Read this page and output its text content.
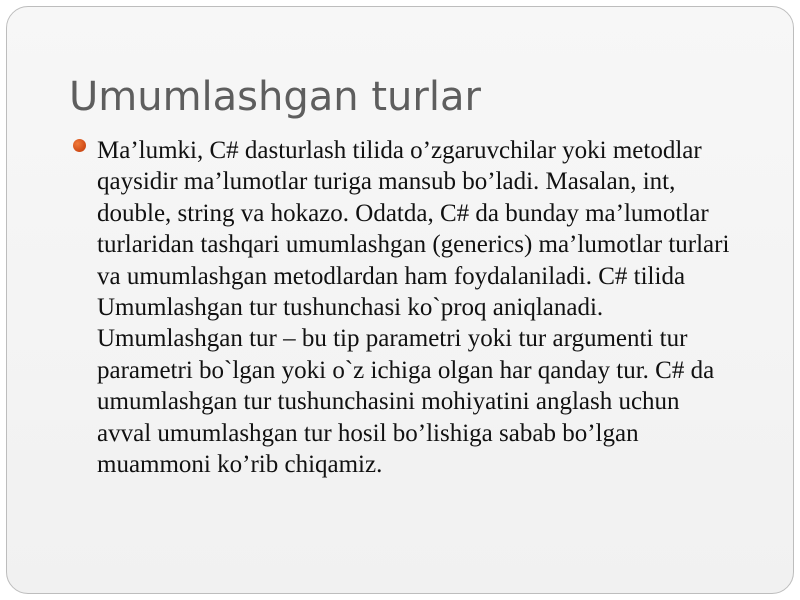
Umumlashgan turlar

Ma’lumki, C# dasturlash tilida o’zgaruvchilar yoki metodlar qaysidir ma’lumotlar turiga mansub bo’ladi. Masalan, int, double, string va hokazo. Odatda, C# da bunday ma’lumotlar turlaridan tashqari umumlashgan (generics) ma’lumotlar turlari va umumlashgan metodlardan ham foydalaniladi. C# tilida Umumlashgan tur tushunchasi ko`proq aniqlanadi. Umumlashgan tur – bu tip parametri yoki tur argumenti tur parametri bo`lgan yoki o`z ichiga olgan har qanday tur. C# da umumlashgan tur tushunchasini mohiyatini anglash uchun avval umumlashgan tur hosil bo’lishiga sabab bo’lgan muammoni ko’rib chiqamiz.
